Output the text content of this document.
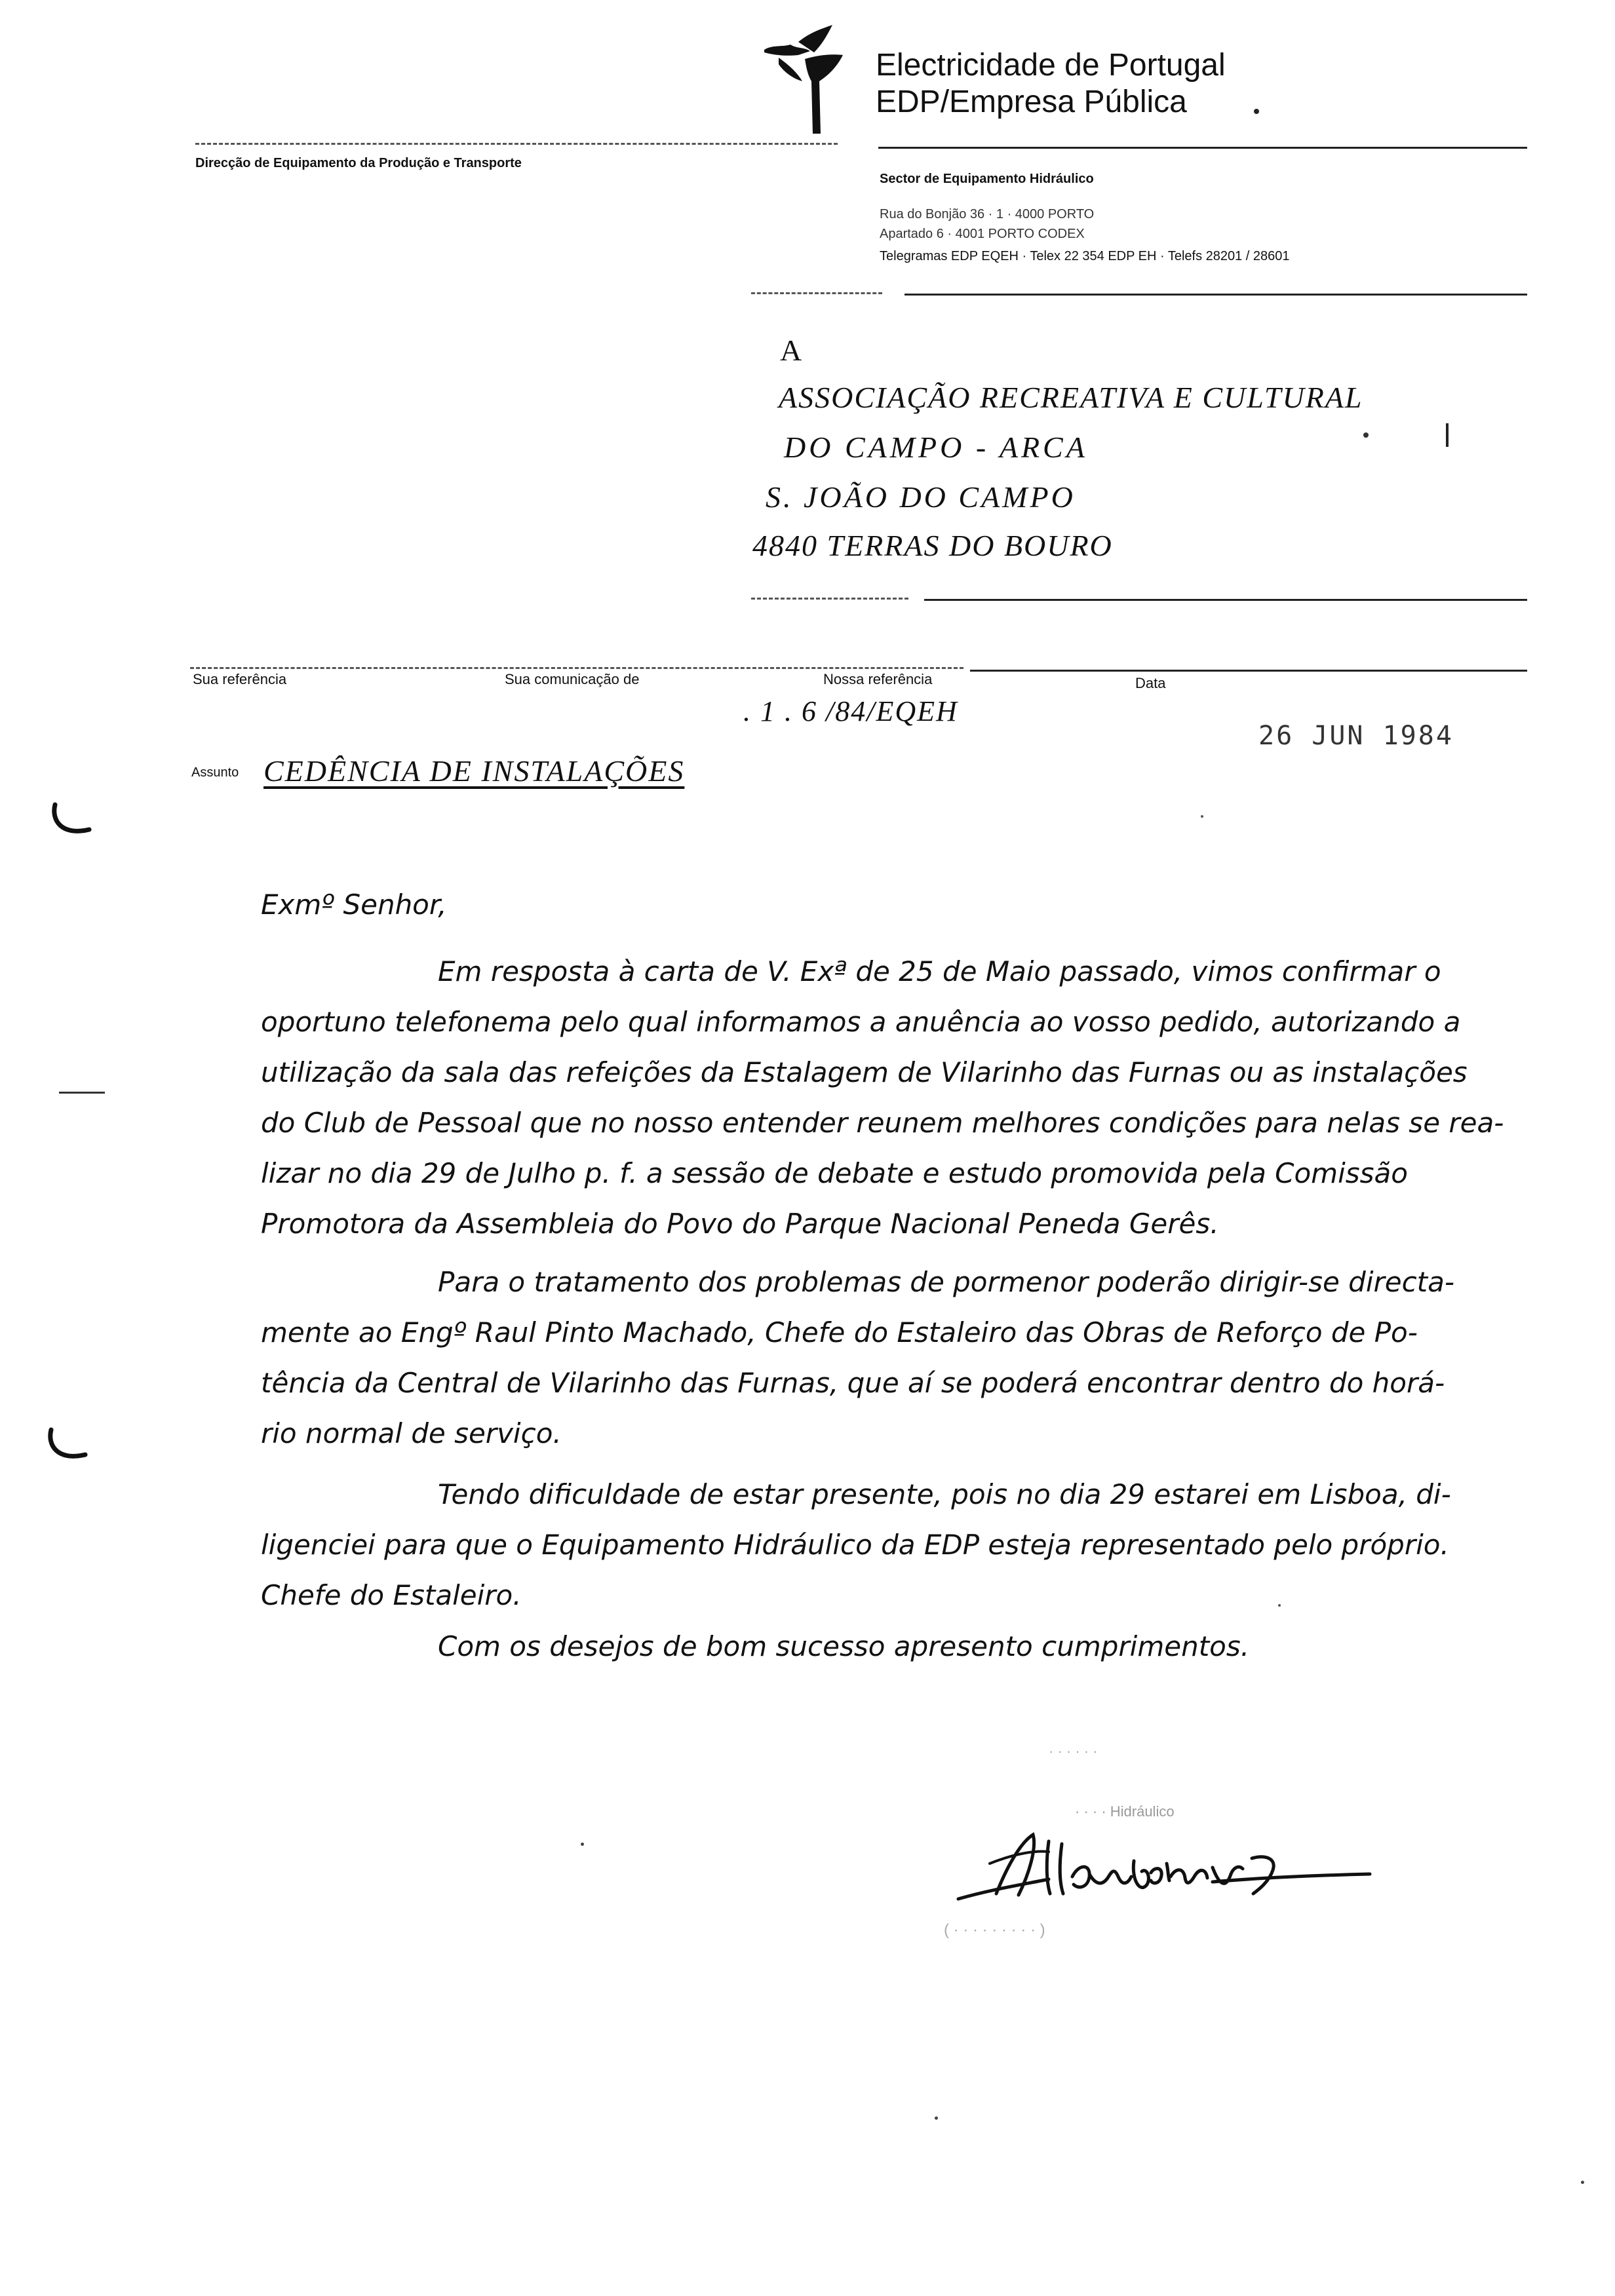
Electricidade de Portugal
EDP/Empresa Pública
Direcção de Equipamento da Produção e Transporte
Sector de Equipamento Hidráulico
Rua do Bonjão 36 · 1 · 4000 PORTO
Apartado 6 · 4001 PORTO CODEX
Telegramas EDP EQEH · Telex 22 354 EDP EH · Telefs 28201 / 28601
A
ASSOCIAÇÃO RECREATIVA E CULTURAL
DO CAMPO - ARCA
S. JOÃO DO CAMPO
4840 TERRAS DO BOURO
Sua referência	Sua comunicação de	Nossa referência	Data
. 1 . 6 /84/EQEH
26 JUN 1984
Assunto CEDÊNCIA DE INSTALAÇÕES
Exmº Senhor,
Em resposta à carta de V. Exª de 25 de Maio passado, vimos confirmar o
oportuno telefonema pelo qual informamos a anuência ao vosso pedido, autorizando a
utilização da sala das refeições da Estalagem de Vilarinho das Furnas ou as instalações
do Club de Pessoal que no nosso entender reunem melhores condições para nelas se rea-
lizar no dia 29 de Julho p. f. a sessão de debate e estudo promovida pela Comissão
Promotora da Assembleia do Povo do Parque Nacional Peneda Gerês.
Para o tratamento dos problemas de pormenor poderão dirigir-se directa-
mente ao Engº Raul Pinto Machado, Chefe do Estaleiro das Obras de Reforço de Po-
tência da Central de Vilarinho das Furnas, que aí se poderá encontrar dentro do horá-
rio normal de serviço.
Tendo dificuldade de estar presente, pois no dia 29 estarei em Lisboa, di-
ligenciei para que o Equipamento Hidráulico da EDP esteja representado pelo próprio.
Chefe do Estaleiro.
Com os desejos de bom sucesso apresento cumprimentos.
· · · · · ·
· · · · Hidráulico
( · · · · · · · · · )
